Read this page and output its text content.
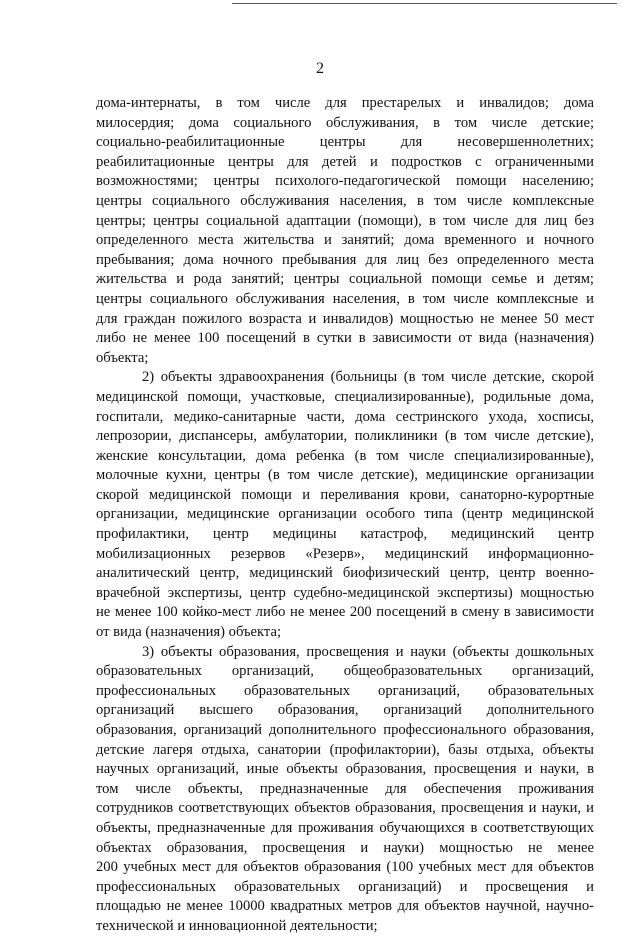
2
дома-интернаты, в том числе для престарелых и инвалидов; дома
милосердия; дома социального обслуживания, в том числе детские;
социально-реабилитационные центры для несовершеннолетних;
реабилитационные центры для детей и подростков с ограниченными
возможностями; центры психолого-педагогической помощи населению;
центры социального обслуживания населения, в том числе комплексные
центры; центры социальной адаптации (помощи), в том числе для лиц без
определенного места жительства и занятий; дома временного и ночного
пребывания; дома ночного пребывания для лиц без определенного места
жительства и рода занятий; центры социальной помощи семье и детям;
центры социального обслуживания населения, в том числе комплексные и
для граждан пожилого возраста и инвалидов) мощностью не менее 50 мест
либо не менее 100 посещений в сутки в зависимости от вида (назначения)
объекта;
2) объекты здравоохранения (больницы (в том числе детские, скорой
медицинской помощи, участковые, специализированные), родильные дома,
госпитали, медико-санитарные части, дома сестринского ухода, хосписы,
лепрозории, диспансеры, амбулатории, поликлиники (в том числе детские),
женские консультации, дома ребенка (в том числе специализированные),
молочные кухни, центры (в том числе детские), медицинские организации
скорой медицинской помощи и переливания крови, санаторно-курортные
организации, медицинские организации особого типа (центр медицинской
профилактики, центр медицины катастроф, медицинский центр
мобилизационных резервов «Резерв», медицинский информационно-
аналитический центр, медицинский биофизический центр, центр военно-
врачебной экспертизы, центр судебно-медицинской экспертизы) мощностью
не менее 100 койко-мест либо не менее 200 посещений в смену в зависимости
от вида (назначения) объекта;
3) объекты образования, просвещения и науки (объекты дошкольных
образовательных организаций, общеобразовательных организаций,
профессиональных образовательных организаций, образовательных
организаций высшего образования, организаций дополнительного
образования, организаций дополнительного профессионального образования,
детские лагеря отдыха, санатории (профилактории), базы отдыха, объекты
научных организаций, иные объекты образования, просвещения и науки, в
том числе объекты, предназначенные для обеспечения проживания
сотрудников соответствующих объектов образования, просвещения и науки, и
объекты, предназначенные для проживания обучающихся в соответствующих
объектах образования, просвещения и науки) мощностью не менее
200 учебных мест для объектов образования (100 учебных мест для объектов
профессиональных образовательных организаций) и просвещения и
площадью не менее 10000 квадратных метров для объектов научной, научно-
технической и инновационной деятельности;
